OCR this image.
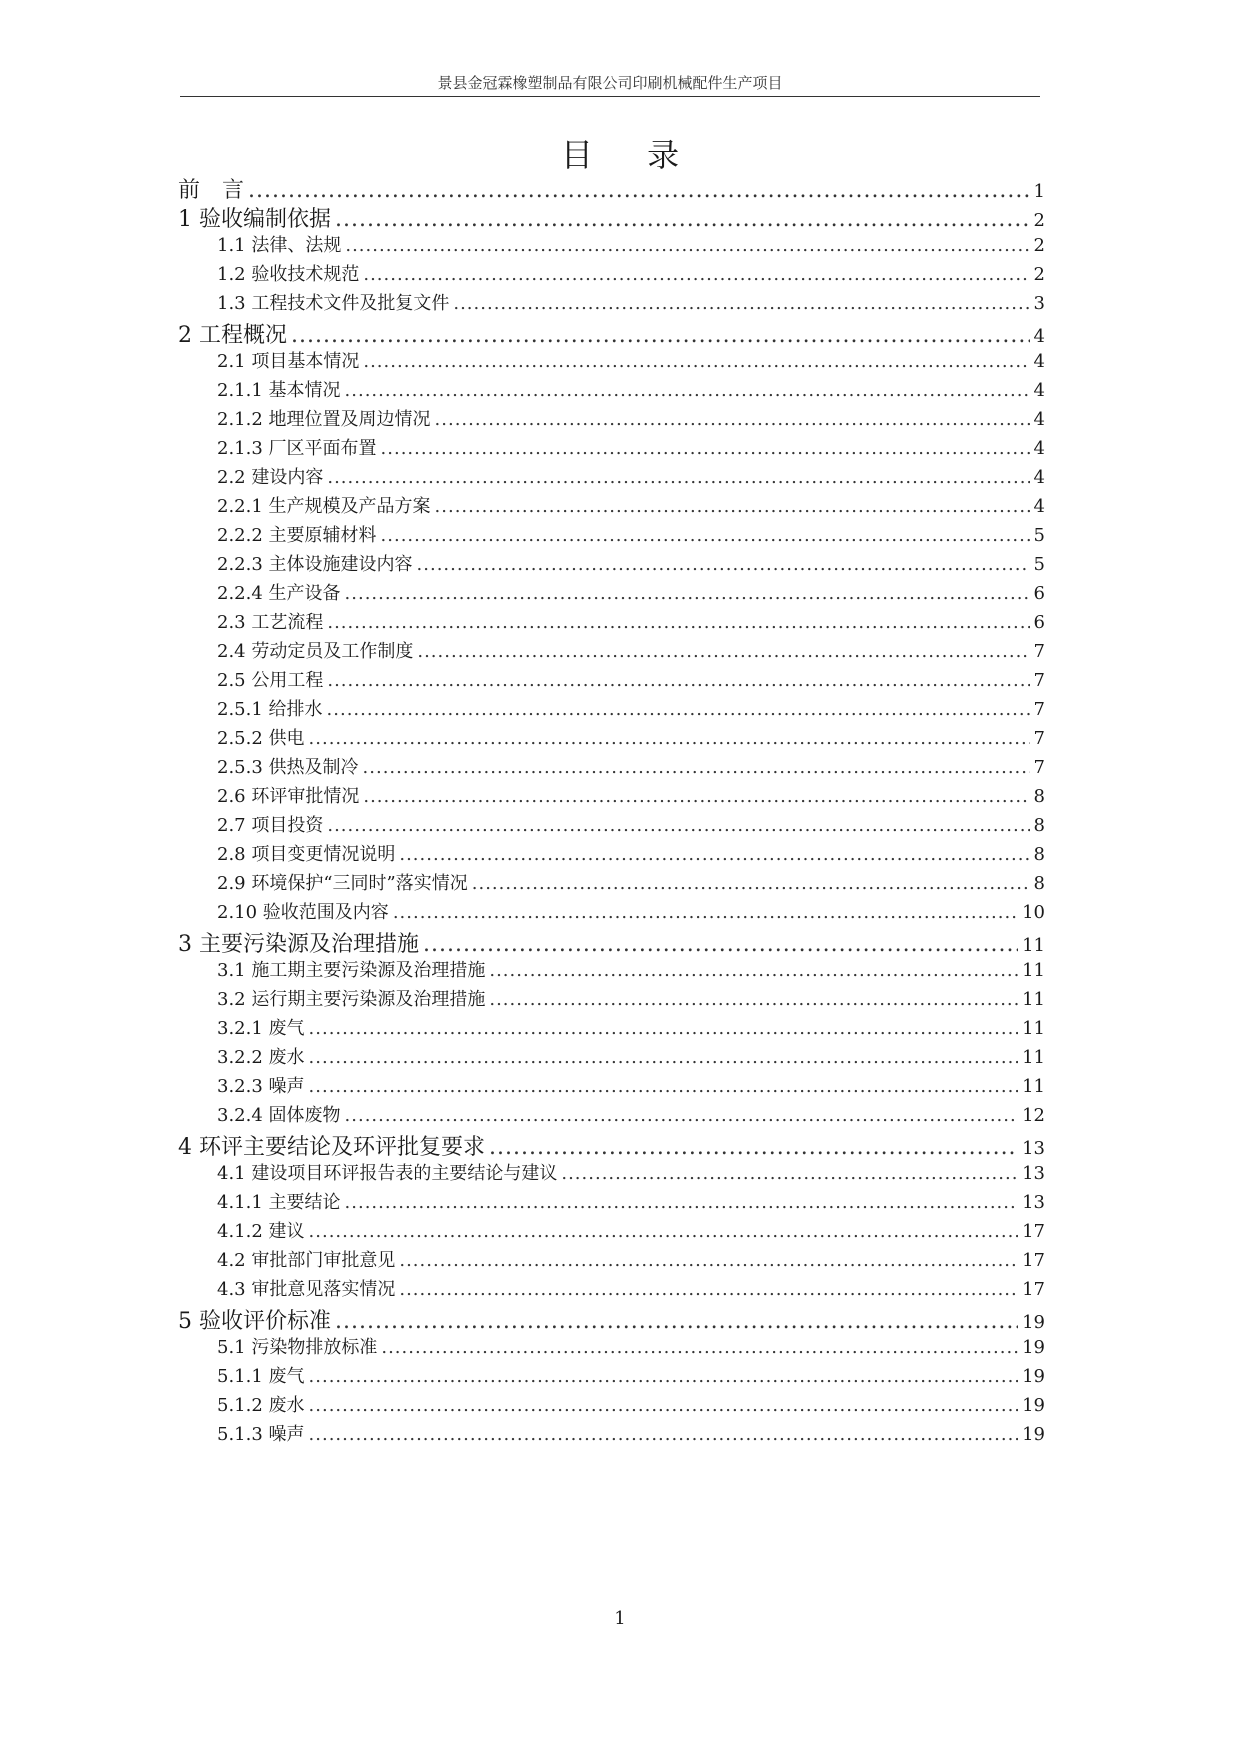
景县金冠霖橡塑制品有限公司印刷机械配件生产项目
目 录
前　言 .....	1
1 验收编制依据 .....	2
1.1 法律、法规 .....	2
1.2 验收技术规范 .....	2
1.3 工程技术文件及批复文件 .....	3
2 工程概况 .....	4
2.1 项目基本情况 .....	4
2.1.1 基本情况 .....	4
2.1.2 地理位置及周边情况 .....	4
2.1.3 厂区平面布置 .....	4
2.2 建设内容 .....	4
2.2.1 生产规模及产品方案 .....	4
2.2.2 主要原辅材料 .....	5
2.2.3 主体设施建设内容 .....	5
2.2.4 生产设备 .....	6
2.3 工艺流程 .....	6
2.4 劳动定员及工作制度 .....	7
2.5 公用工程 .....	7
2.5.1 给排水 .....	7
2.5.2 供电 .....	7
2.5.3 供热及制冷 .....	7
2.6 环评审批情况 .....	8
2.7 项目投资 .....	8
2.8 项目变更情况说明 .....	8
2.9 环境保护“三同时”落实情况 .....	8
2.10 验收范围及内容 .....	10
3 主要污染源及治理措施 .....	11
3.1 施工期主要污染源及治理措施 .....	11
3.2 运行期主要污染源及治理措施 .....	11
3.2.1 废气 .....	11
3.2.2 废水 .....	11
3.2.3 噪声 .....	11
3.2.4 固体废物 .....	12
4 环评主要结论及环评批复要求 .....	13
4.1 建设项目环评报告表的主要结论与建议 .....	13
4.1.1 主要结论 .....	13
4.1.2 建议 .....	17
4.2 审批部门审批意见 .....	17
4.3 审批意见落实情况 .....	17
5 验收评价标准 .....	19
5.1 污染物排放标准 .....	19
5.1.1 废气 .....	19
5.1.2 废水 .....	19
5.1.3 噪声 .....	19
1
